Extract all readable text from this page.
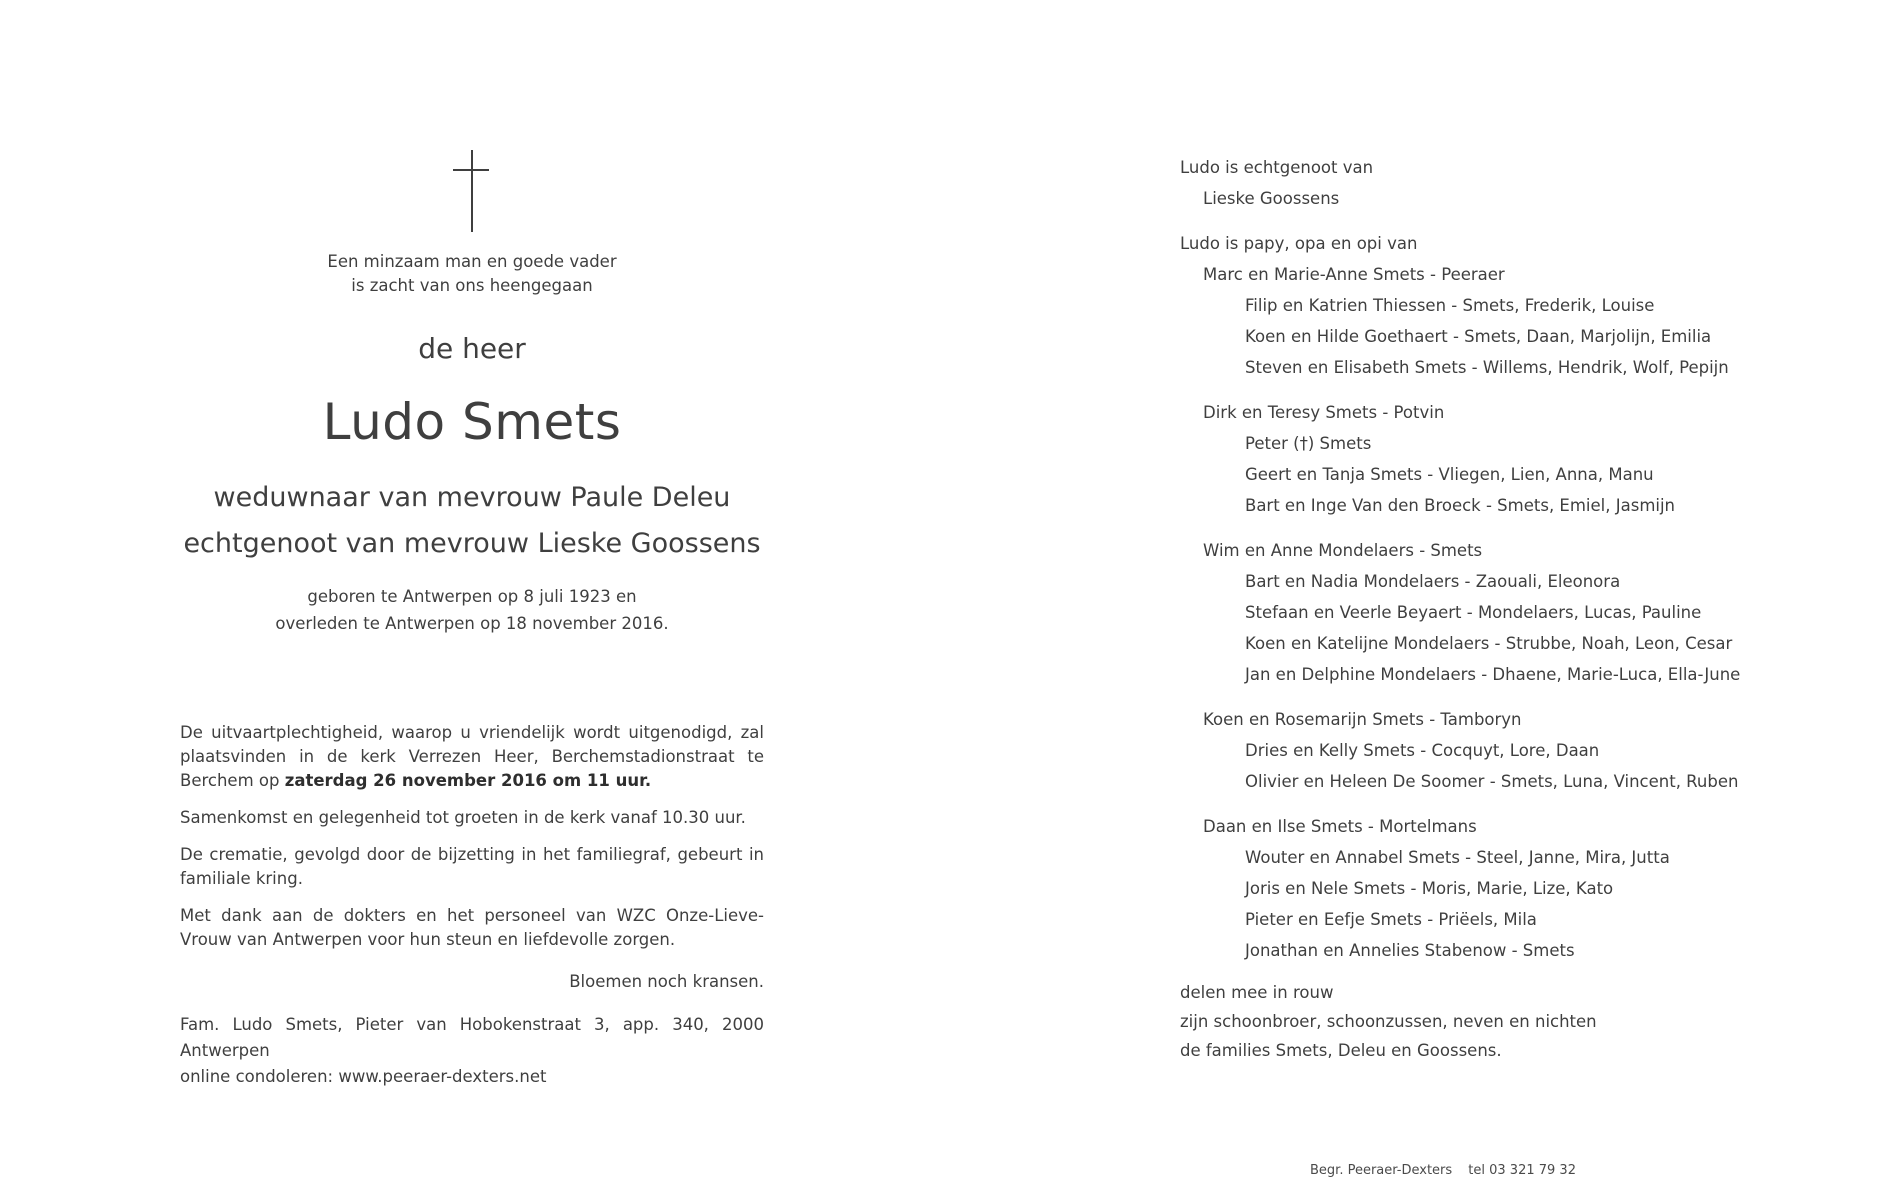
Een minzaam man en goede vader
is zacht van ons heengegaan
de heer
Ludo Smets
weduwnaar van mevrouw Paule Deleu
echtgenoot van mevrouw Lieske Goossens
geboren te Antwerpen op 8 juli 1923 en
overleden te Antwerpen op 18 november 2016.

De uitvaartplechtigheid, waarop u vriendelijk wordt uitgenodigd, zal plaatsvinden in de kerk Verrezen Heer, Berchemstadionstraat te Berchem op zaterdag 26 november 2016 om 11 uur.

Samenkomst en gelegenheid tot groeten in de kerk vanaf 10.30 uur.

De crematie, gevolgd door de bijzetting in het familiegraf, gebeurt in familiale kring.

Met dank aan de dokters en het personeel van WZC Onze-Lieve-Vrouw van Antwerpen voor hun steun en liefdevolle zorgen.

Bloemen noch kransen.
Fam. Ludo Smets, Pieter van Hobokenstraat 3, app. 340, 2000 Antwerpen
online condoleren: www.peeraer-dexters.net
Ludo is echtgenoot van
Lieske Goossens
Ludo is papy, opa en opi van
Marc en Marie-Anne Smets - Peeraer
Filip en Katrien Thiessen - Smets, Frederik, Louise
Koen en Hilde Goethaert - Smets, Daan, Marjolijn, Emilia
Steven en Elisabeth Smets - Willems, Hendrik, Wolf, Pepijn
Dirk en Teresy Smets - Potvin
Peter (†) Smets
Geert en Tanja Smets - Vliegen, Lien, Anna, Manu
Bart en Inge Van den Broeck - Smets, Emiel, Jasmijn
Wim en Anne Mondelaers - Smets
Bart en Nadia Mondelaers - Zaouali, Eleonora
Stefaan en Veerle Beyaert - Mondelaers, Lucas, Pauline
Koen en Katelijne Mondelaers - Strubbe, Noah, Leon, Cesar
Jan en Delphine Mondelaers - Dhaene, Marie-Luca, Ella-June
Koen en Rosemarijn Smets - Tamboryn
Dries en Kelly Smets - Cocquyt, Lore, Daan
Olivier en Heleen De Soomer - Smets, Luna, Vincent, Ruben
Daan en Ilse Smets - Mortelmans
Wouter en Annabel Smets - Steel, Janne, Mira, Jutta
Joris en Nele Smets - Moris, Marie, Lize, Kato
Pieter en Eefje Smets - Priëels, Mila
Jonathan en Annelies Stabenow - Smets
delen mee in rouw
zijn schoonbroer, schoonzussen, neven en nichten
de families Smets, Deleu en Goossens.
Begr. Peeraer-Dexters tel 03 321 79 32
